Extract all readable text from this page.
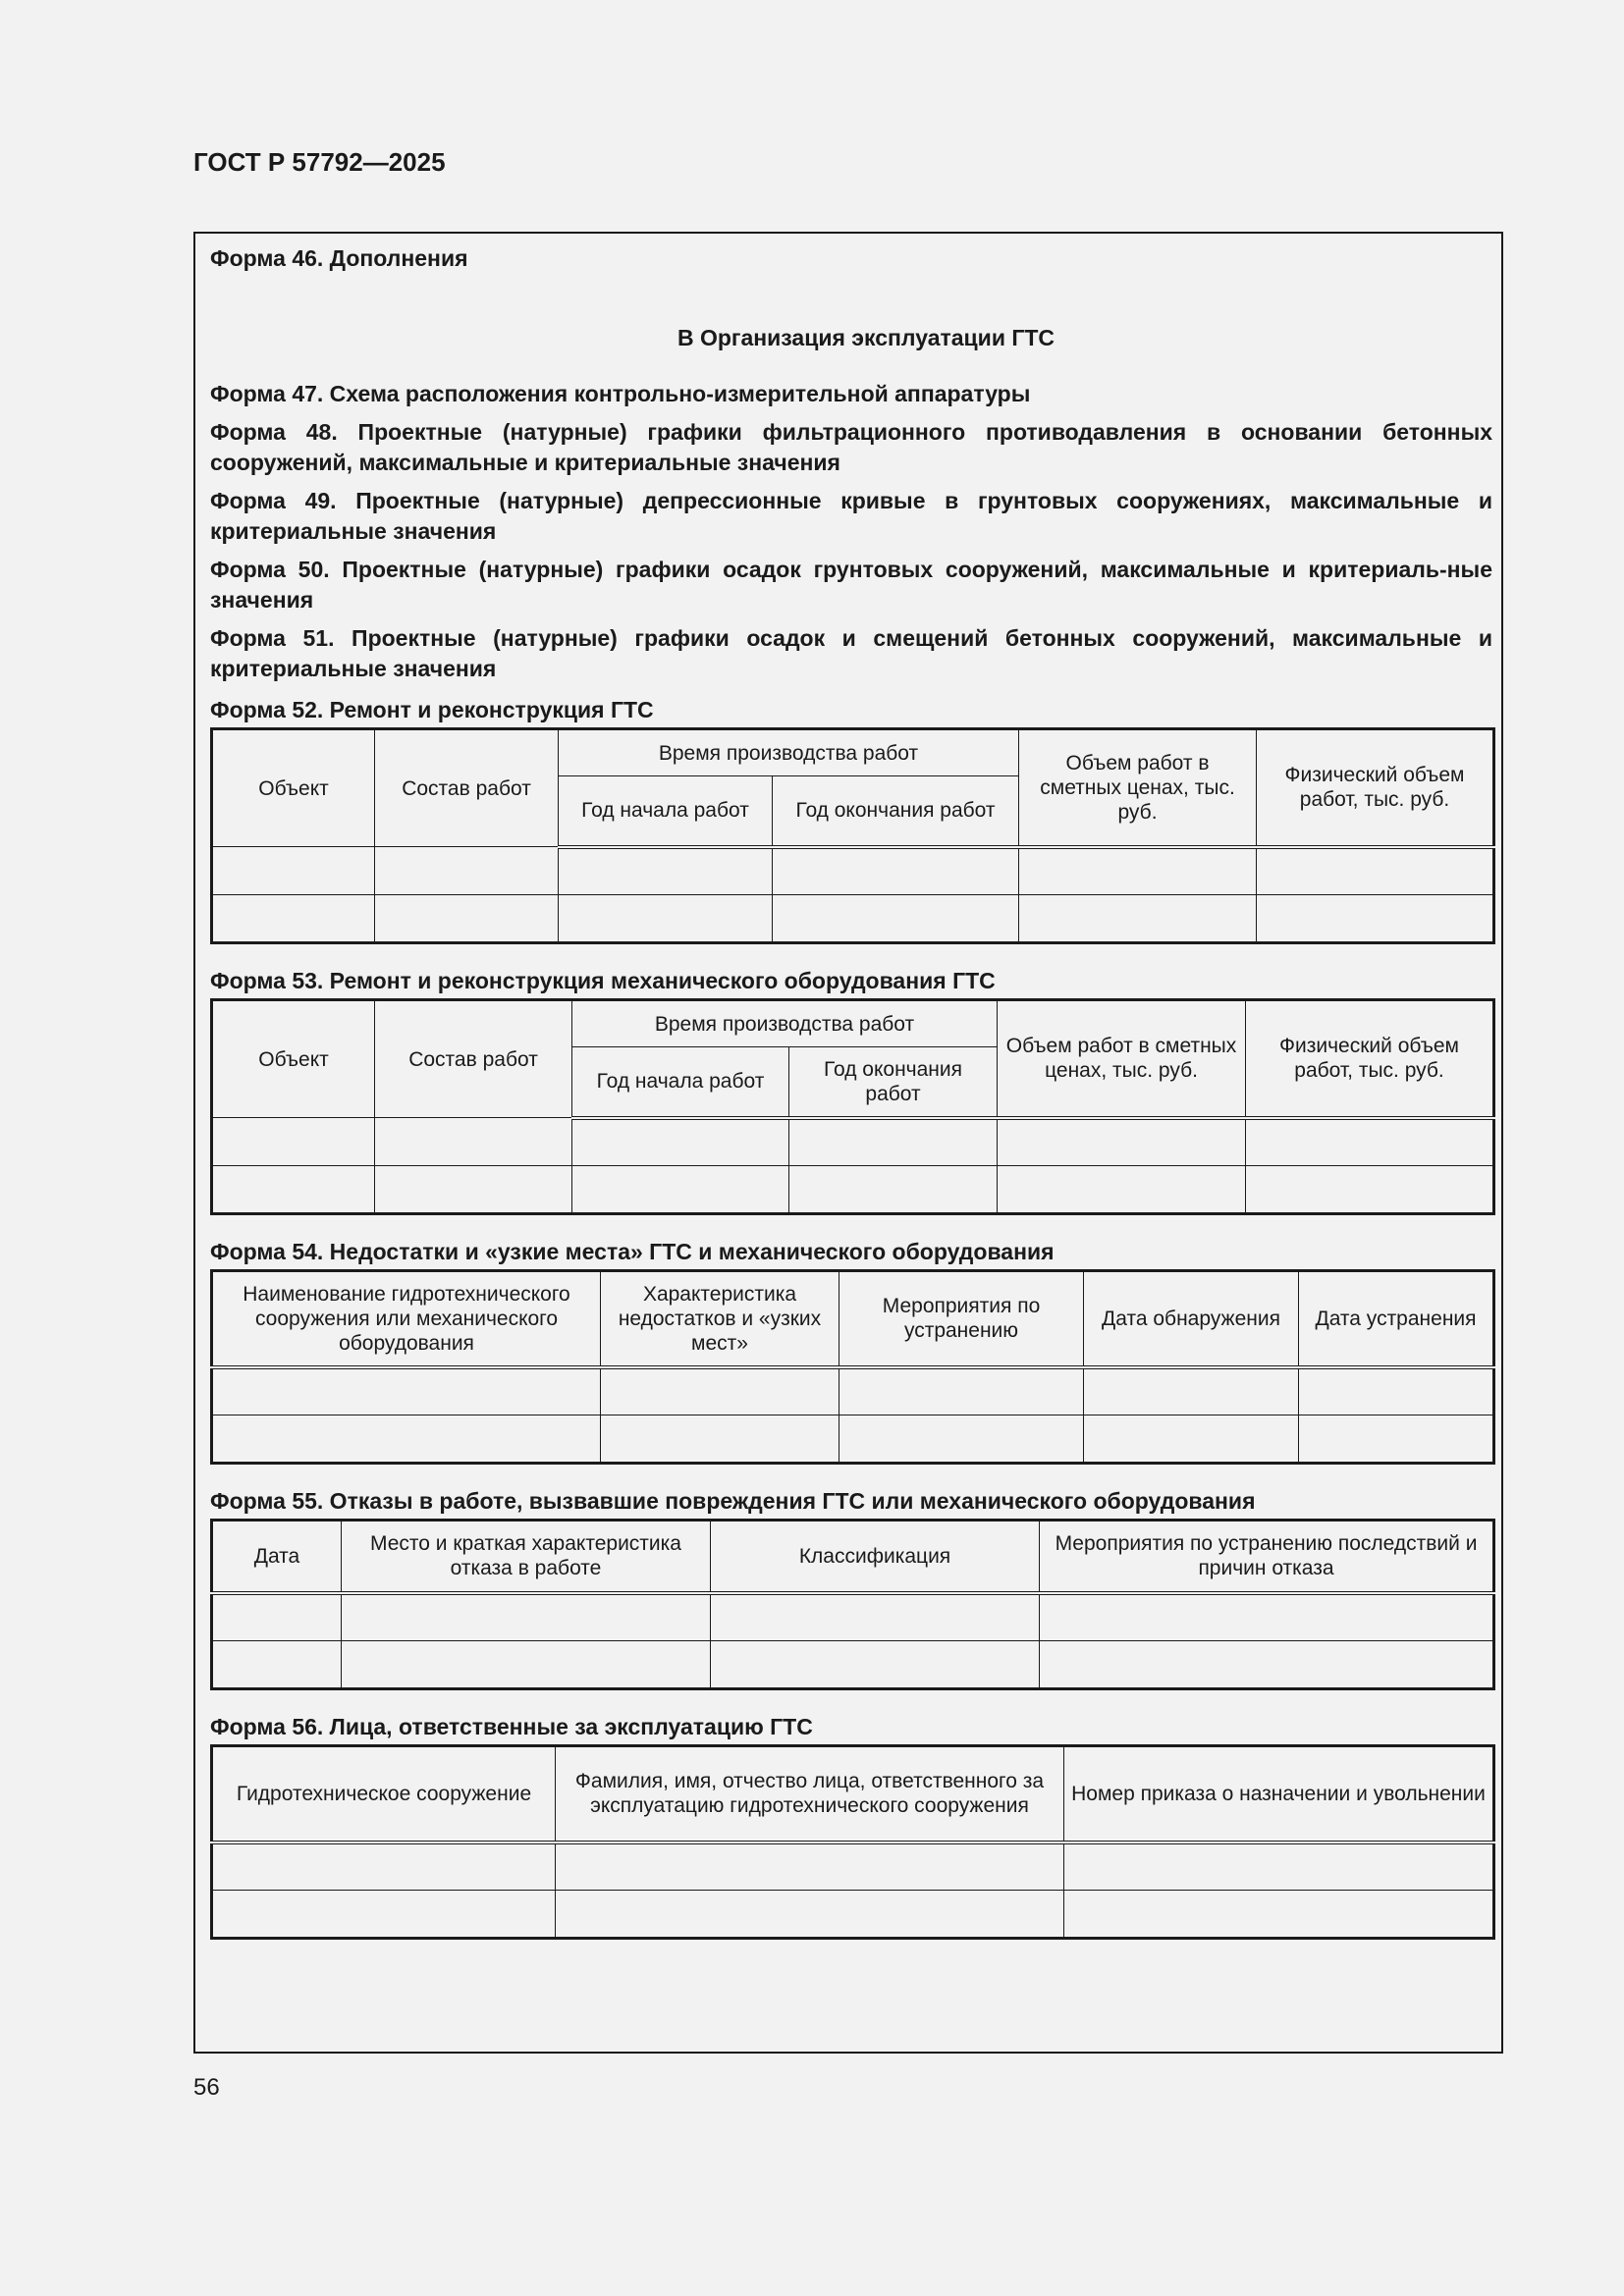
ГОСТ Р 57792—2025
Форма 46. Дополнения
В Организация эксплуатации ГТС
Форма 47. Схема расположения контрольно-измерительной аппаратуры
Форма 48. Проектные (натурные) графики фильтрационного противодавления в основании бетонных сооружений, максимальные и критериальные значения
Форма 49. Проектные (натурные) депрессионные кривые в грунтовых сооружениях, максимальные и критериальные значения
Форма 50. Проектные (натурные) графики осадок грунтовых сооружений, максимальные и критериаль-ные значения
Форма 51. Проектные (натурные) графики осадок и смещений бетонных сооружений, максимальные и критериальные значения
Форма 52. Ремонт и реконструкция ГТС
Объект	Состав работ	Время производства работ		Объем работ в сметных ценах, тыс. руб.	Физический объем работ, тыс. руб.
		Год начала работ	Год окончания работ		

Форма 53. Ремонт и реконструкция механического оборудования ГТС
Объект	Состав работ	Время производства работ		Объем работ в сметных ценах, тыс. руб.	Физический объем работ, тыс. руб.
		Год начала работ	Год окончания работ		

Форма 54. Недостатки и «узкие места» ГТС и механического оборудования
Наименование гидротехнического сооружения или механического оборудования	Характеристика недостатков и «узких мест»	Мероприятия по устранению	Дата обнаружения	Дата устранения

Форма 55. Отказы в работе, вызвавшие повреждения ГТС или механического оборудования
Дата	Место и краткая характеристика отказа в работе	Классификация	Мероприятия по устранению последствий и причин отказа

Форма 56. Лица, ответственные за эксплуатацию ГТС
Гидротехническое сооружение	Фамилия, имя, отчество лица, ответственного за эксплуатацию гидротехнического сооружения	Номер приказа о назначении и увольнении

56
